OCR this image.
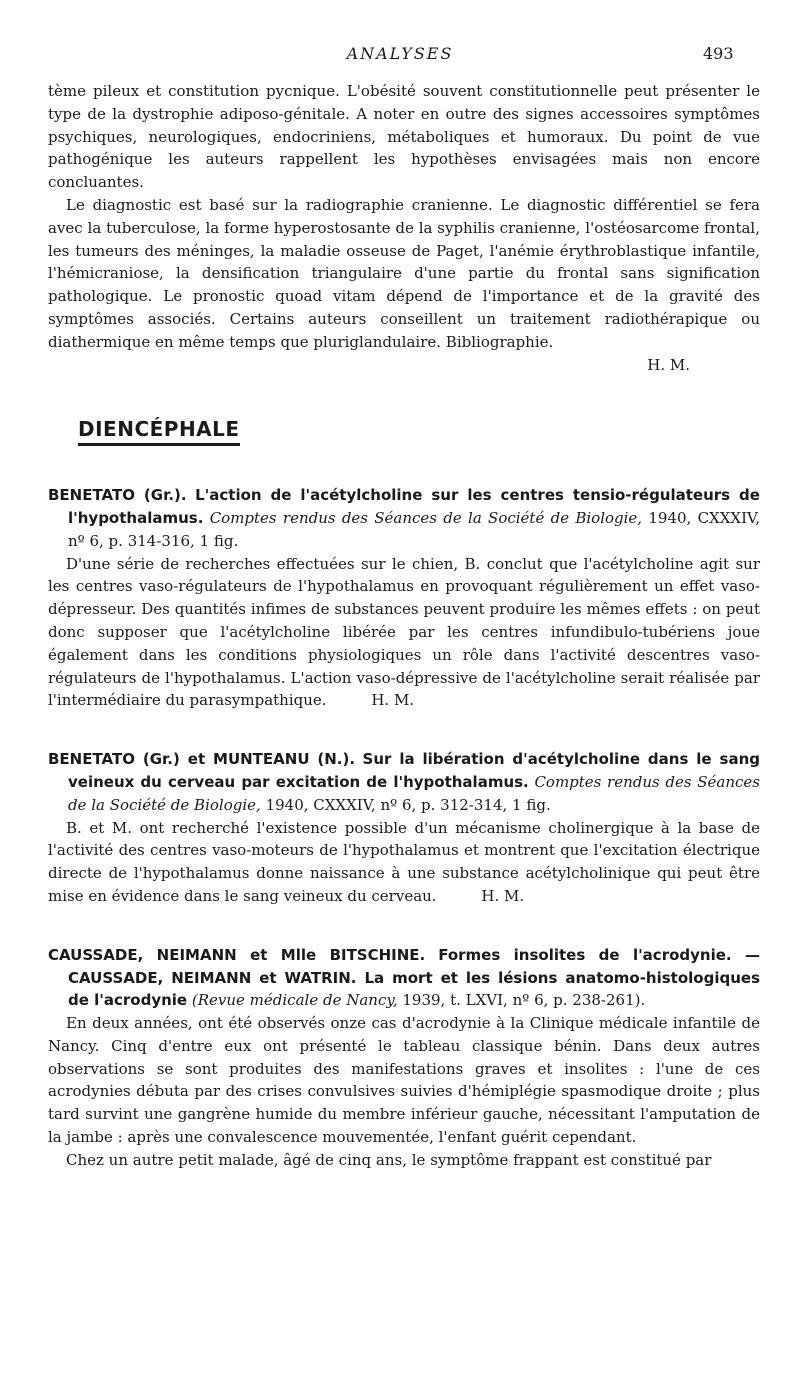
ANALYSES	493

tème pileux et constitution pycnique. L'obésité souvent constitutionnelle peut présenter le type de la dystrophie adiposo-génitale. A noter en outre des signes accessoires symptômes psychiques, neurologiques, endocriniens, métaboliques et humoraux. Du point de vue pathogénique les auteurs rappellent les hypothèses envisagées mais non encore concluantes.

Le diagnostic est basé sur la radiographie cranienne. Le diagnostic différentiel se fera avec la tuberculose, la forme hyperostosante de la syphilis cranienne, l'ostéosarcome frontal, les tumeurs des méninges, la maladie osseuse de Paget, l'anémie érythroblastique infantile, l'hémicraniose, la densification triangulaire d'une partie du frontal sans signification pathologique. Le pronostic quoad vitam dépend de l'importance et de la gravité des symptômes associés. Certains auteurs conseillent un traitement radiothérapique ou diathermique en même temps que pluriglandulaire. Bibliographie.

H. M.

DIENCÉPHALE

BENETATO (Gr.). L'action de l'acétylcholine sur les centres tensio-régulateurs de l'hypothalamus. Comptes rendus des Séances de la Société de Biologie, 1940, CXXXIV, nº 6, p. 314-316, 1 fig.

D'une série de recherches effectuées sur le chien, B. conclut que l'acétylcholine agit sur les centres vaso-régulateurs de l'hypothalamus en provoquant régulièrement un effet vaso-dépresseur. Des quantités infimes de substances peuvent produire les mêmes effets : on peut donc supposer que l'acétylcholine libérée par les centres infundibulo-tubériens joue également dans les conditions physiologiques un rôle dans l'activité descentres vaso-régulateurs de l'hypothalamus. L'action vaso-dépressive de l'acétylcholine serait réalisée par l'intermédiaire du parasympathique.	H. M.

BENETATO (Gr.) et MUNTEANU (N.). Sur la libération d'acétylcholine dans le sang veineux du cerveau par excitation de l'hypothalamus. Comptes rendus des Séances de la Société de Biologie, 1940, CXXXIV, nº 6, p. 312-314, 1 fig.

B. et M. ont recherché l'existence possible d'un mécanisme cholinergique à la base de l'activité des centres vaso-moteurs de l'hypothalamus et montrent que l'excitation électrique directe de l'hypothalamus donne naissance à une substance acétylcholinique qui peut être mise en évidence dans le sang veineux du cerveau.	H. M.

CAUSSADE, NEIMANN et Mlle BITSCHINE. Formes insolites de l'acrodynie. — CAUSSADE, NEIMANN et WATRIN. La mort et les lésions anatomo-histologiques de l'acrodynie (Revue médicale de Nancy, 1939, t. LXVI, nº 6, p. 238-261).

En deux années, ont été observés onze cas d'acrodynie à la Clinique médicale infantile de Nancy. Cinq d'entre eux ont présenté le tableau classique bénin. Dans deux autres observations se sont produites des manifestations graves et insolites : l'une de ces acrodynies débuta par des crises convulsives suivies d'hémiplégie spasmodique droite ; plus tard survint une gangrène humide du membre inférieur gauche, nécessitant l'amputation de la jambe : après une convalescence mouvementée, l'enfant guérit cependant.

Chez un autre petit malade, âgé de cinq ans, le symptôme frappant est constitué par
